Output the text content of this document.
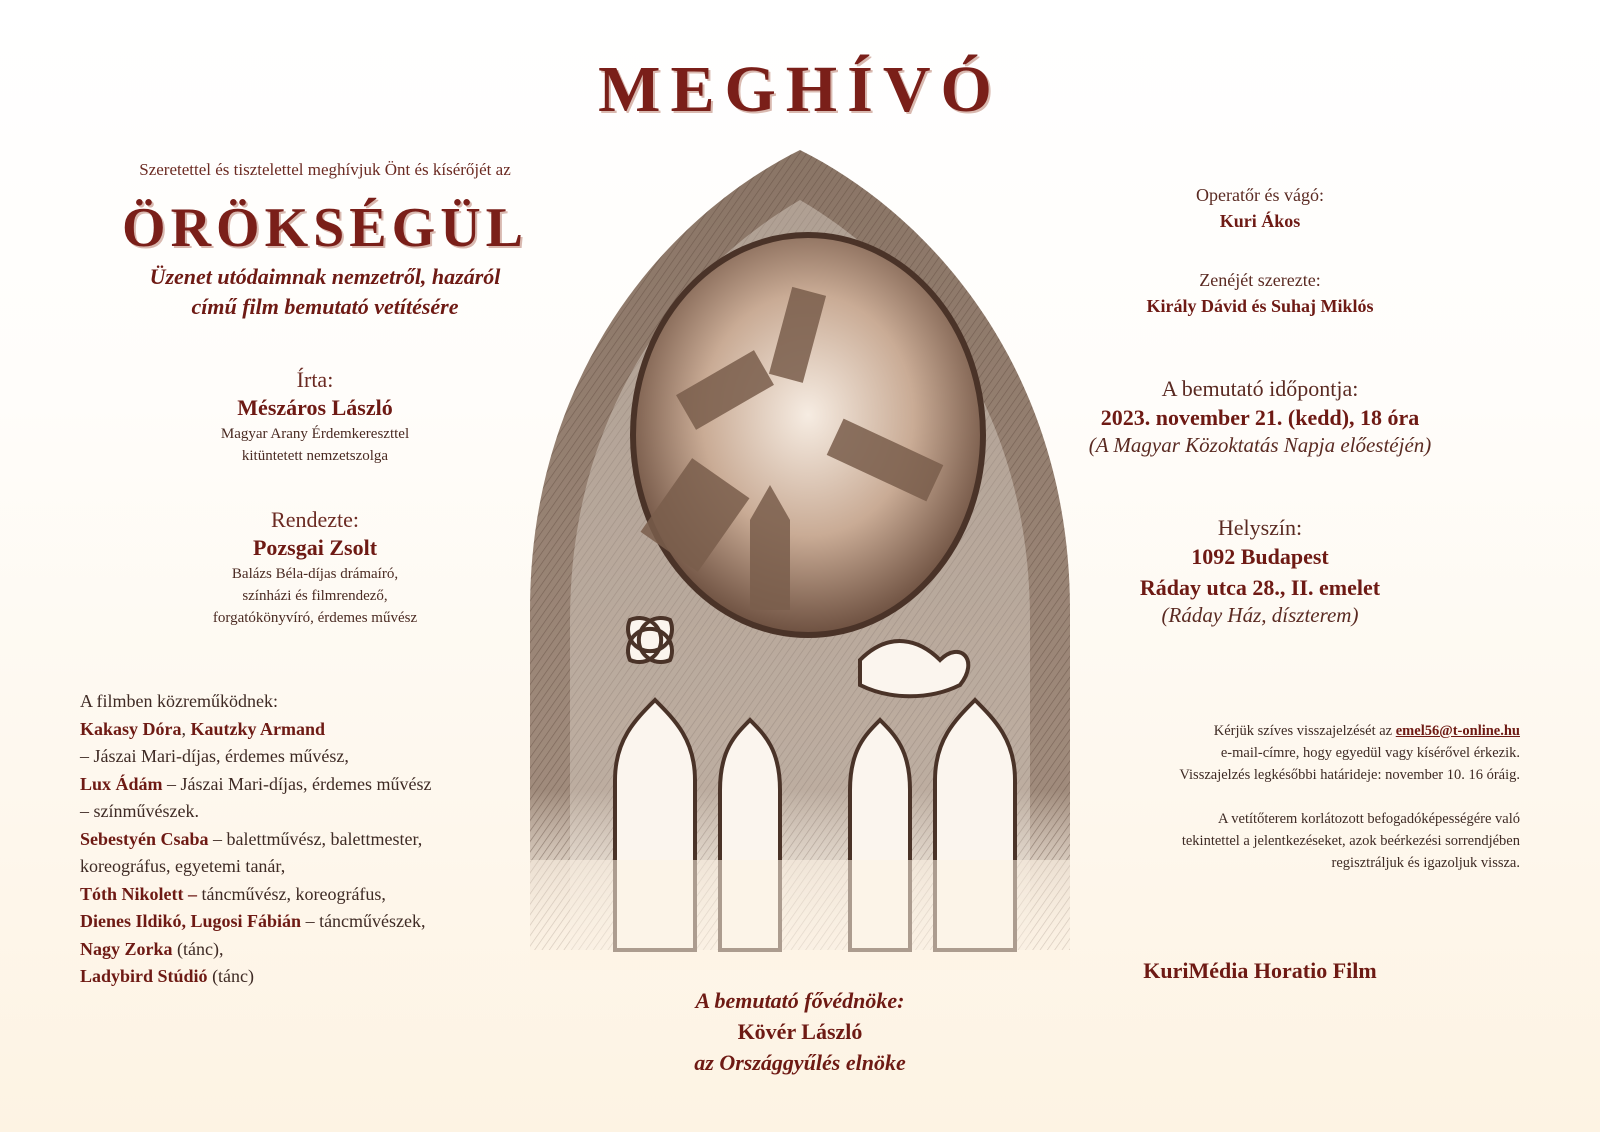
MEGHÍVÓ
Szeretettel és tisztelettel meghívjuk Önt és kísérőjét az
ÖRÖKSÉGÜL
Üzenet utódaimnak nemzetről, hazáról
című film bemutató vetítésére
Írta:
Mészáros László
Magyar Arany Érdemkereszttel
kitüntetett nemzetszolga
Rendezte:
Pozsgai Zsolt
Balázs Béla-díjas drámaíró,
színházi és filmrendező,
forgatókönyvíró, érdemes művész
A filmben közreműködnek:
Kakasy Dóra, Kautzky Armand
– Jászai Mari-díjas, érdemes művész,
Lux Ádám – Jászai Mari-díjas, érdemes művész
– színművészek.
Sebestyén Csaba – balettművész, balettmester,
koreográfus, egyetemi tanár,
Tóth Nikolett – táncművész, koreográfus,
Dienes Ildikó, Lugosi Fábián – táncművészek,
Nagy Zorka (tánc),
Ladybird Stúdió (tánc)
Operatőr és vágó:
Kuri Ákos
Zenéjét szerezte:
Király Dávid és Suhaj Miklós
A bemutató időpontja:
2023. november 21. (kedd), 18 óra
(A Magyar Közoktatás Napja előestéjén)
Helyszín:
1092 Budapest
Ráday utca 28., II. emelet
(Ráday Ház, díszterem)
Kérjük szíves visszajelzését az emel56@t-online.hu
e-mail-címre, hogy egyedül vagy kísérővel érkezik.
Visszajelzés legkésőbbi határideje: november 10. 16 óráig.
A vetítőterem korlátozott befogadóképességére való
tekintettel a jelentkezéseket, azok beérkezési sorrendjében
regisztráljuk és igazoljuk vissza.
KuriMédia Horatio Film
A bemutató fővédnöke:
Kövér László
az Országgyűlés elnöke
